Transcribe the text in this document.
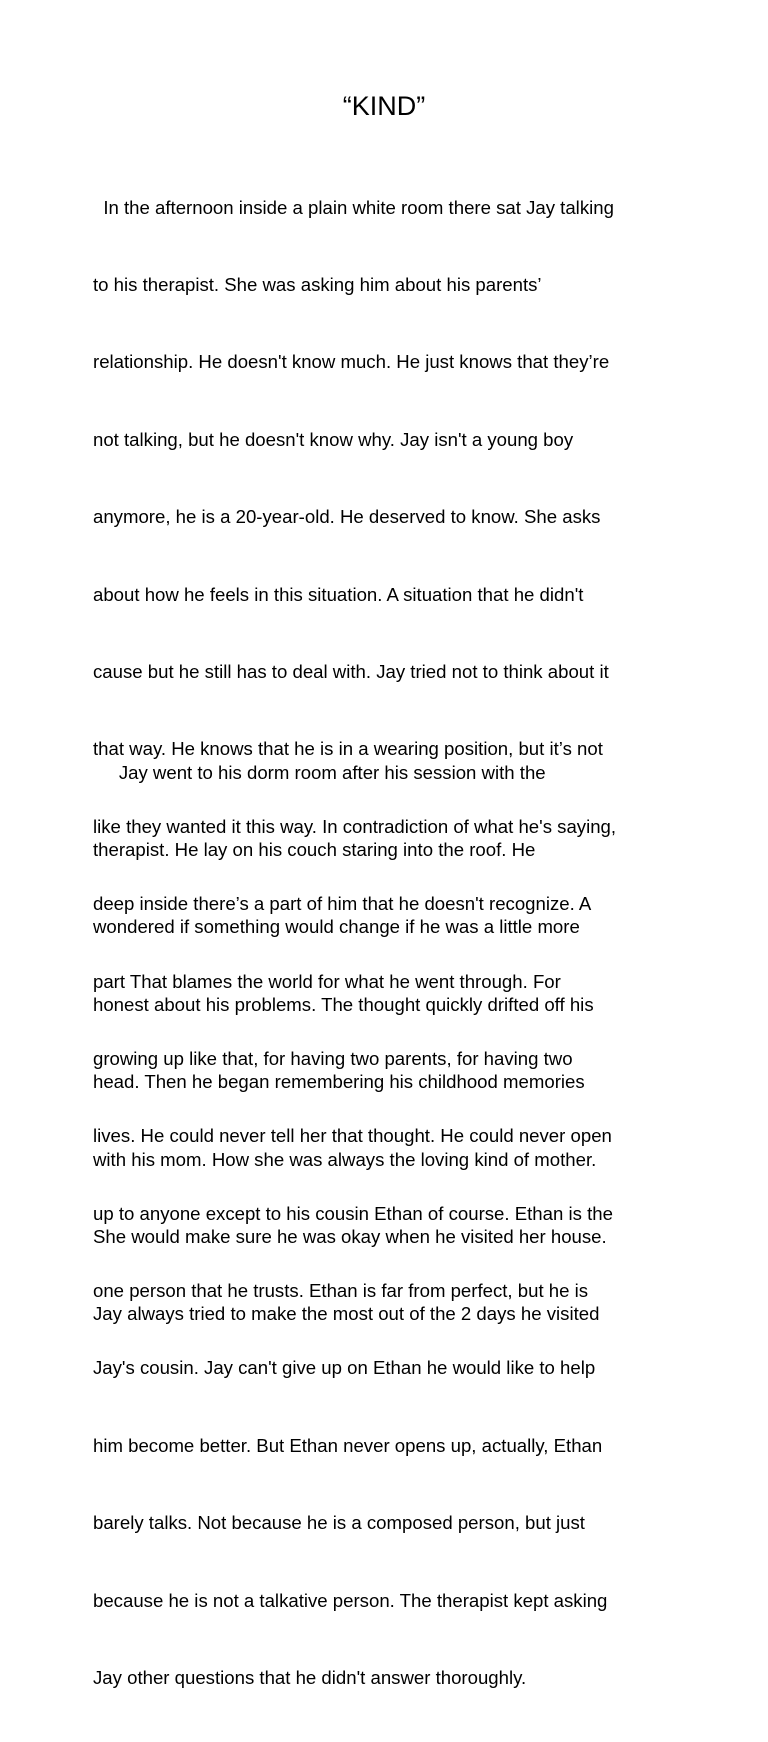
“KIND”

In the afternoon inside a plain white room there sat Jay talking

to his therapist. She was asking him about his parents’

relationship. He doesn't know much. He just knows that they’re

not talking, but he doesn't know why. Jay isn't a young boy

anymore, he is a 20-year-old. He deserved to know. She asks

about how he feels in this situation. A situation that he didn't

cause but he still has to deal with. Jay tried not to think about it

that way. He knows that he is in a wearing position, but it’s not

like they wanted it this way. In contradiction of what he's saying,

deep inside there’s a part of him that he doesn't recognize. A

part That blames the world for what he went through. For

growing up like that, for having two parents, for having two

lives. He could never tell her that thought. He could never open

up to anyone except to his cousin Ethan of course. Ethan is the

one person that he trusts. Ethan is far from perfect, but he is

Jay's cousin. Jay can't give up on Ethan he would like to help

him become better. But Ethan never opens up, actually, Ethan

barely talks. Not because he is a composed person, but just

because he is not a talkative person. The therapist kept asking

Jay other questions that he didn't answer thoroughly.

Jay went to his dorm room after his session with the

therapist. He lay on his couch staring into the roof. He

wondered if something would change if he was a little more

honest about his problems. The thought quickly drifted off his

head. Then he began remembering his childhood memories

with his mom. How she was always the loving kind of mother.

She would make sure he was okay when he visited her house.

Jay always tried to make the most out of the 2 days he visited
